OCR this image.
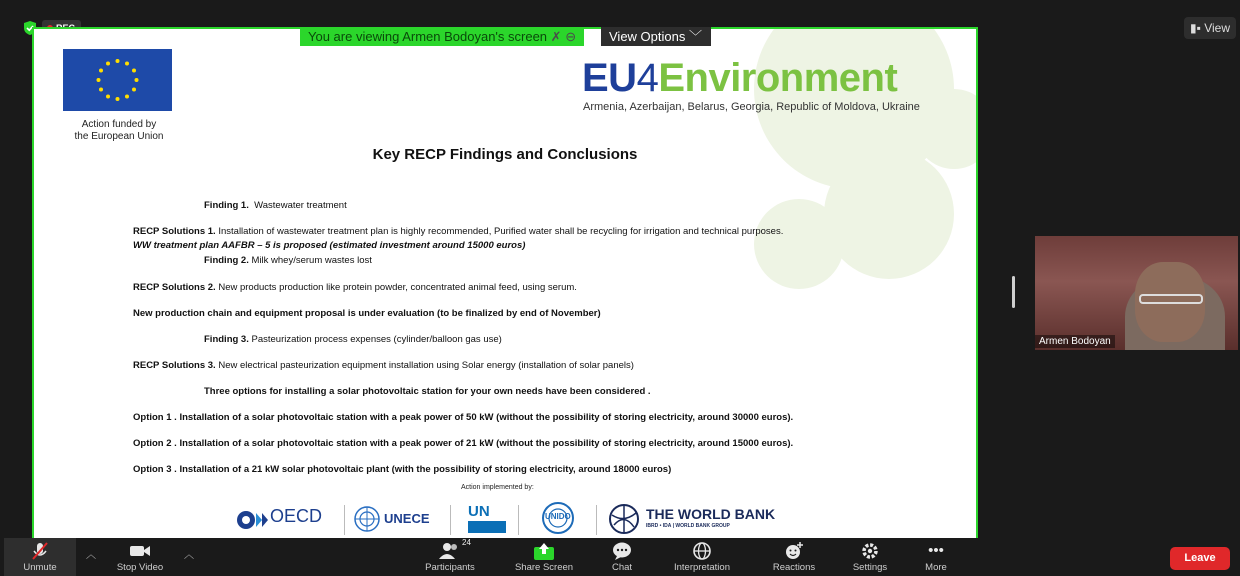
Action funded by
the European Union
EU4Environment
Armenia, Azerbaijan, Belarus, Georgia, Republic of Moldova, Ukraine
Key RECP Findings and Conclusions
Finding 1. Wastewater treatment
RECP Solutions 1. Installation of wastewater treatment plan is highly recommended, Purified water shall be recycling for irrigation and technical purposes.
WW treatment plan AAFBR – 5 is proposed (estimated investment around 15000 euros)
Finding 2. Milk whey/serum wastes lost
RECP Solutions 2. New products production like protein powder, concentrated animal feed, using serum.
New production chain and equipment proposal is under evaluation (to be finalized by end of November)
Finding 3. Pasteurization process expenses (cylinder/balloon gas use)
RECP Solutions 3. New electrical pasteurization equipment installation using Solar energy (installation of solar panels)
Three options for installing a solar photovoltaic station for your own needs have been considered .
Option 1 . Installation of a solar photovoltaic station with a peak power of 50 kW (without the possibility of storing electricity, around 30000 euros).
Option 2 . Installation of a solar photovoltaic station with a peak power of 21 kW (without the possibility of storing electricity, around 15000 euros).
Option 3 . Installation of a 21 kW solar photovoltaic plant (with the possibility of storing electricity, around 18000 euros)
Action implemented by:
OECD	UNECE	UN	UNIDO	THE WORLD BANK
IBRD • IDA | WORLD BANK GROUP
You are viewing Armen Bodoyan's screen ✗ ⊖	View Options ﹀
▮▪ View
Armen Bodoyan
Unmute
︿
Stop Video
︿
24
Participants	Share Screen	Chat	Interpretation	Reactions	Settings
•••
More
Leave
